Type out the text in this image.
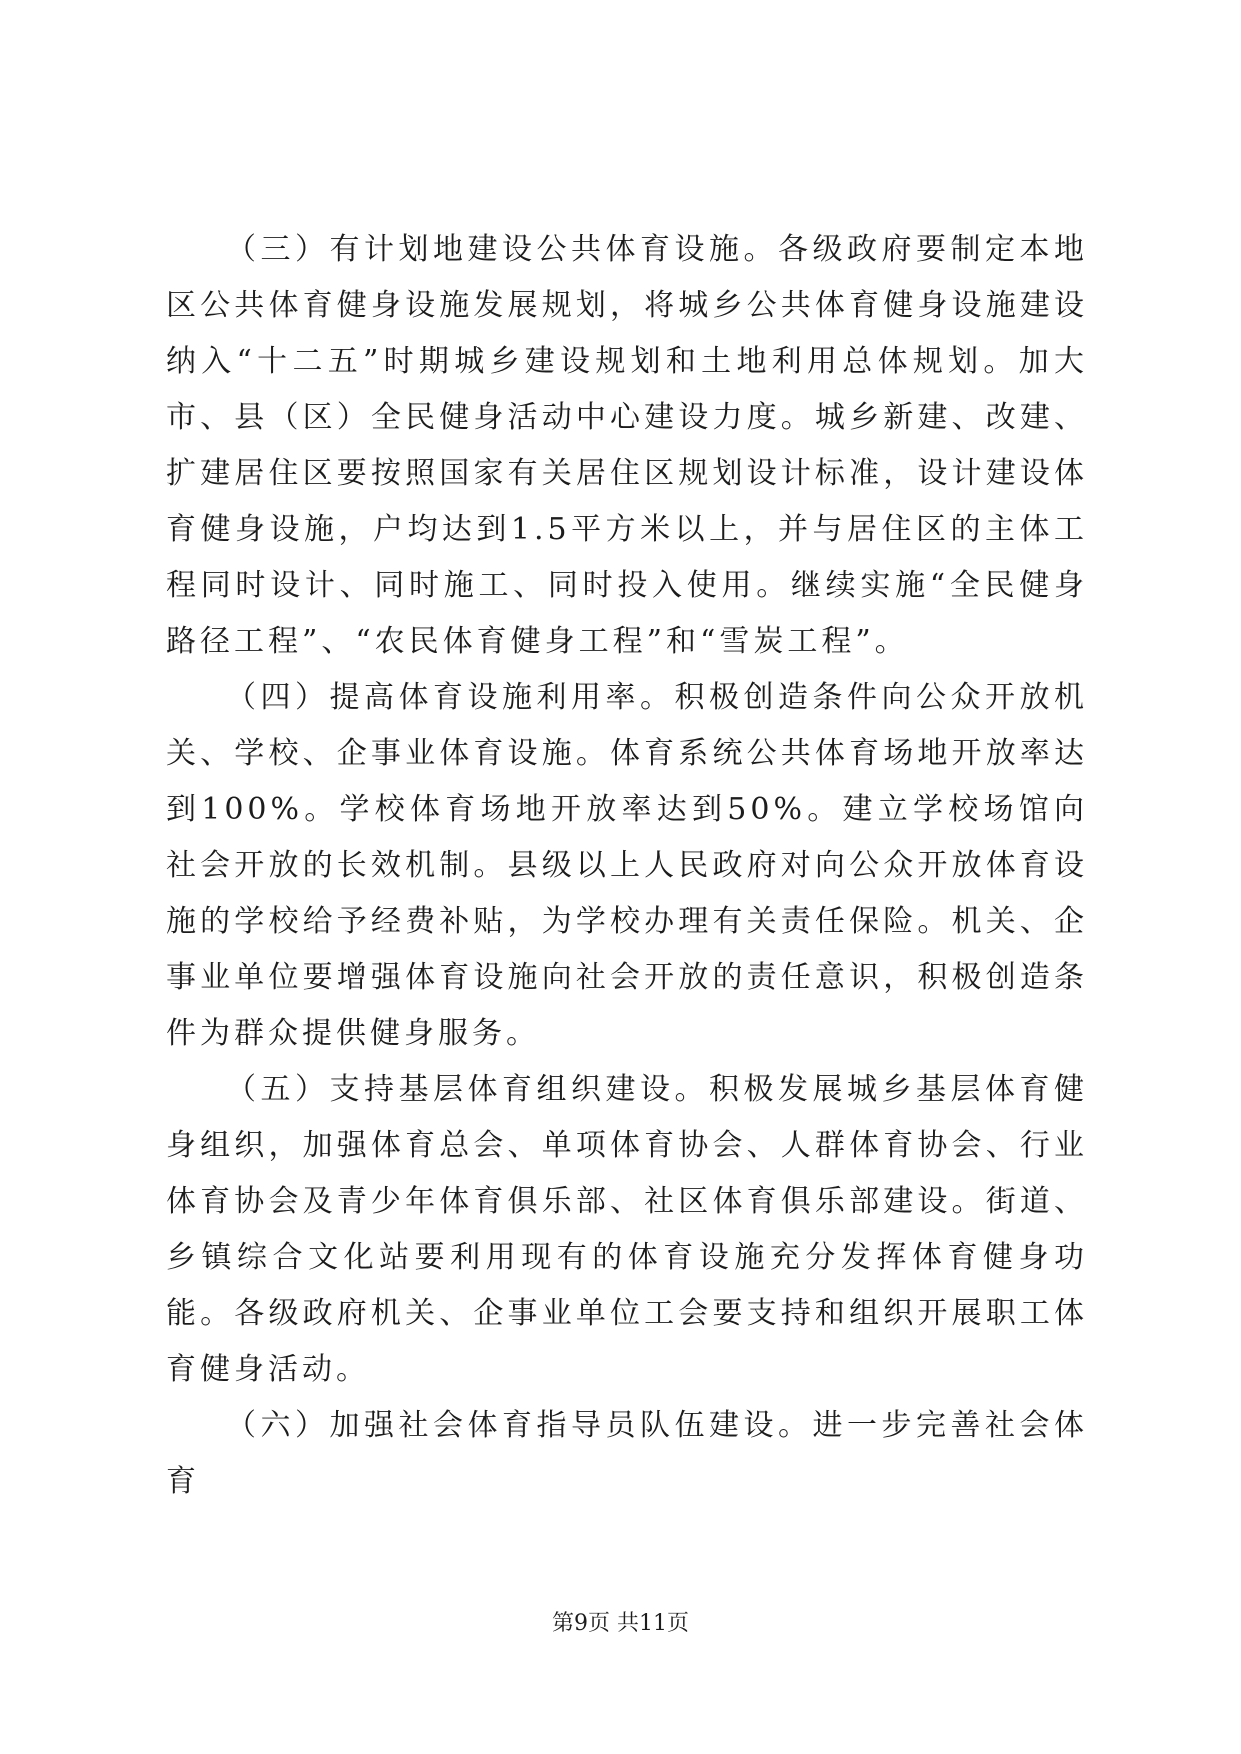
（三）有计划地建设公共体育设施。各级政府要制定本地区公共体育健身设施发展规划，将城乡公共体育健身设施建设纳入“十二五”时期城乡建设规划和土地利用总体规划。加大市、县（区）全民健身活动中心建设力度。城乡新建、改建、扩建居住区要按照国家有关居住区规划设计标准，设计建设体育健身设施，户均达到1.5平方米以上，并与居住区的主体工程同时设计、同时施工、同时投入使用。继续实施“全民健身路径工程”、“农民体育健身工程”和“雪炭工程”。

（四）提高体育设施利用率。积极创造条件向公众开放机关、学校、企事业体育设施。体育系统公共体育场地开放率达到100%。学校体育场地开放率达到50%。建立学校场馆向社会开放的长效机制。县级以上人民政府对向公众开放体育设施的学校给予经费补贴，为学校办理有关责任保险。机关、企事业单位要增强体育设施向社会开放的责任意识，积极创造条件为群众提供健身服务。

（五）支持基层体育组织建设。积极发展城乡基层体育健身组织，加强体育总会、单项体育协会、人群体育协会、行业体育协会及青少年体育俱乐部、社区体育俱乐部建设。街道、乡镇综合文化站要利用现有的体育设施充分发挥体育健身功能。各级政府机关、企事业单位工会要支持和组织开展职工体育健身活动。

（六）加强社会体育指导员队伍建设。进一步完善社会体育

第9页 共11页
